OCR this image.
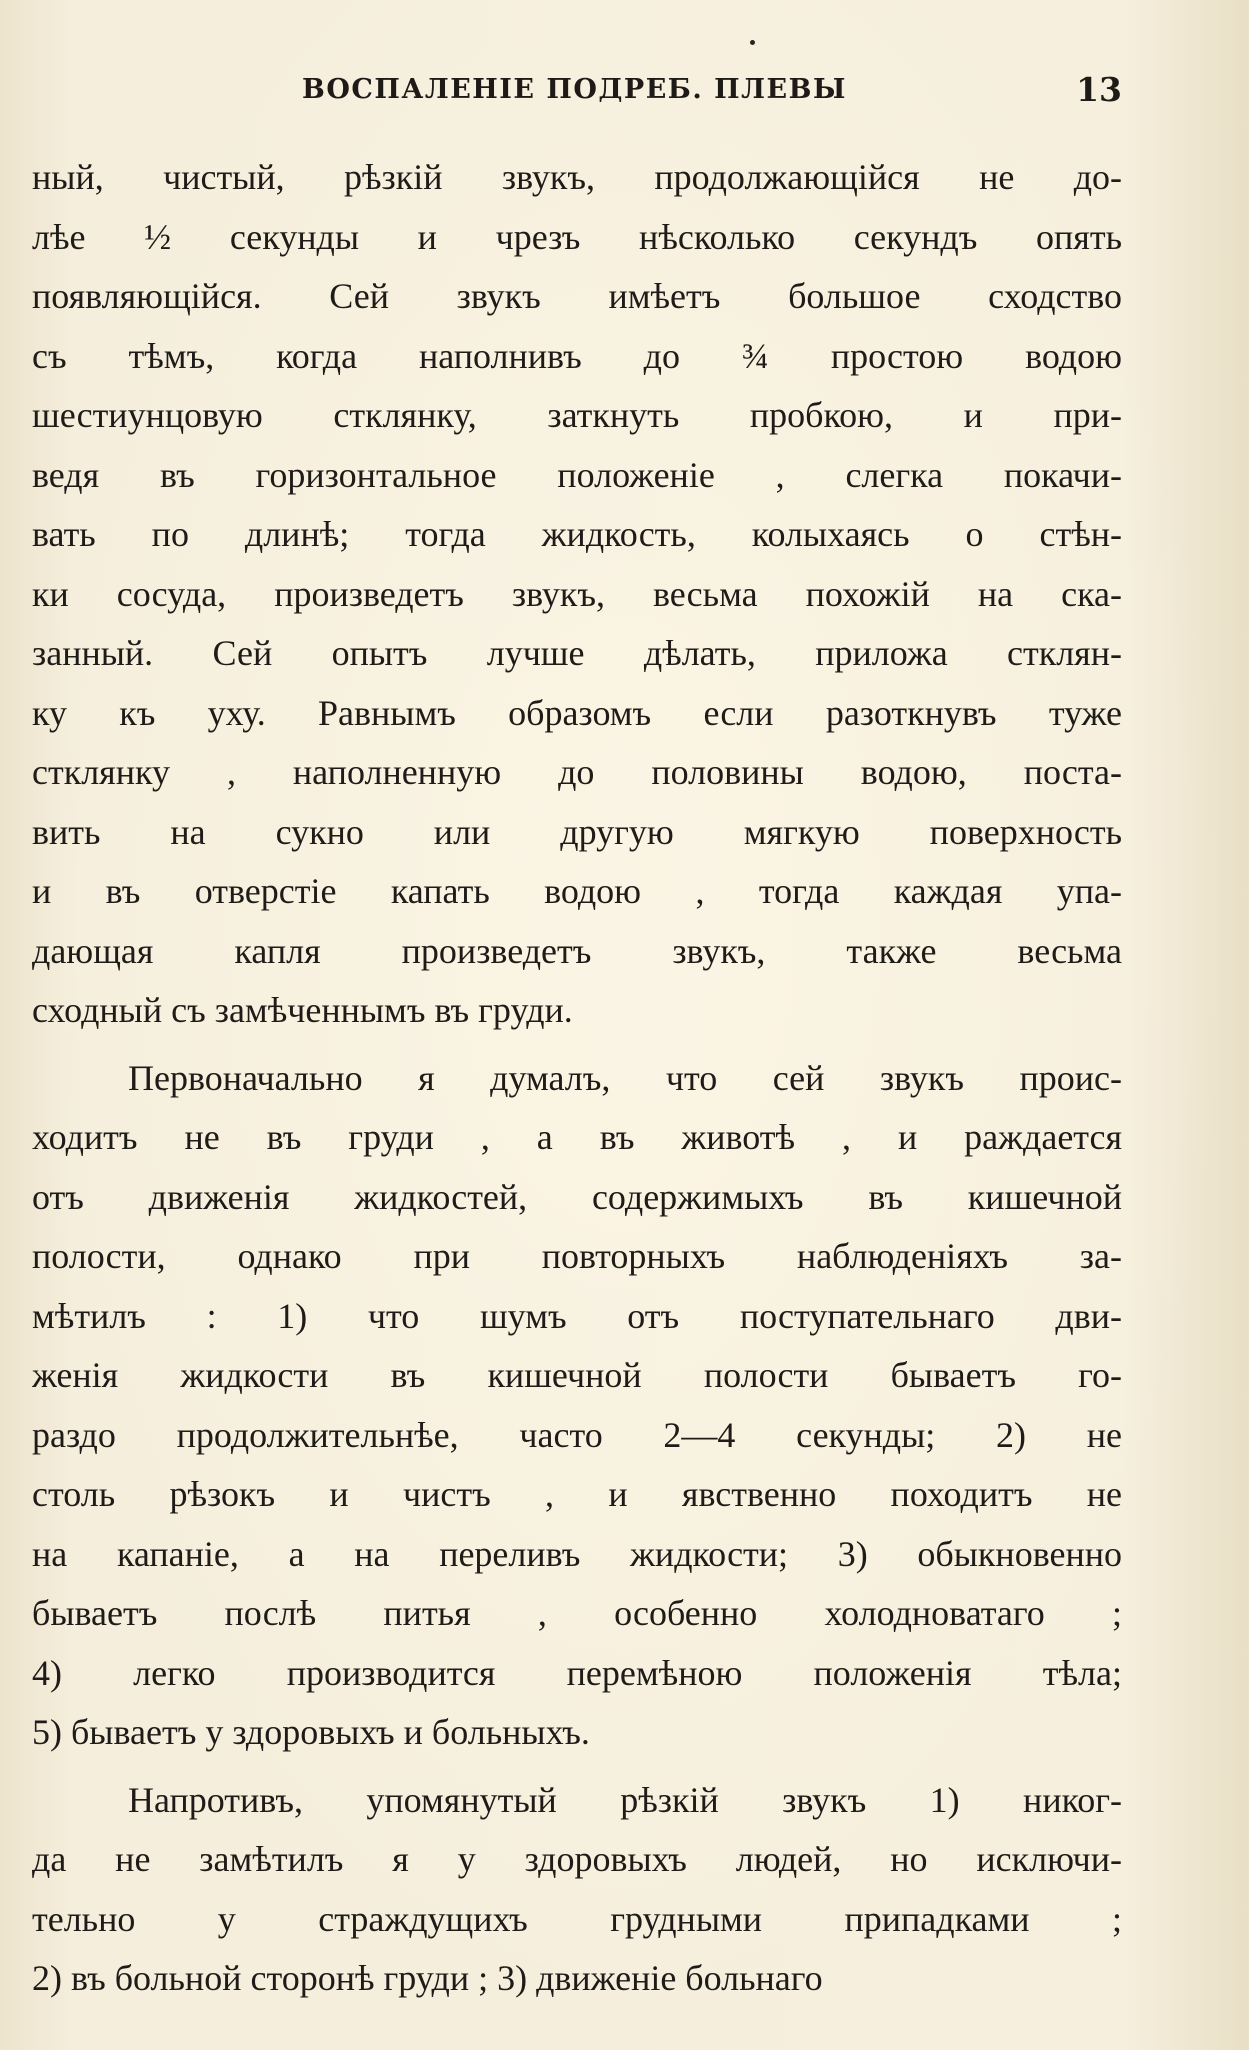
ВОСПАЛЕНІЕ ПОДРЕБ. ПЛЕВЫ	13
ный, чистый, рѣзкій звукъ, продолжающійся не до-
лѣе ½ секунды и чрезъ нѣсколько секундъ опять
появляющійся. Сей звукъ имѣетъ большое сходство
съ тѣмъ, когда наполнивъ до ¾ простою водою
шестиунцовую стклянку, заткнуть пробкою, и при-
ведя въ горизонтальное положеніе , слегка покачи-
вать по длинѣ; тогда жидкость, колыхаясь о стѣн-
ки сосуда, произведетъ звукъ, весьма похожій на ска-
занный. Сей опытъ лучше дѣлать, приложа стклян-
ку къ уху. Равнымъ образомъ если разоткнувъ туже
стклянку , наполненную до половины водою, поста-
вить на сукно или другую мягкую поверхность
и въ отверстіе капать водою , тогда каждая упа-
дающая капля произведетъ звукъ, также весьма
сходный съ замѣченнымъ въ груди.
Первоначально я думалъ, что сей звукъ проис-
ходитъ не въ груди , а въ животѣ , и раждается
отъ движенія жидкостей, содержимыхъ въ кишечной
полости, однако при повторныхъ наблюденіяхъ за-
мѣтилъ : 1) что шумъ отъ поступательнаго дви-
женія жидкости въ кишечной полости бываетъ го-
раздо продолжительнѣе, часто 2—4 секунды; 2) не
столь рѣзокъ и чистъ , и явственно походитъ не
на капаніе, а на переливъ жидкости; 3) обыкновенно
бываетъ послѣ питья , особенно холодноватаго ;
4) легко производится перемѣною положенія тѣла;
5) бываетъ у здоровыхъ и больныхъ.
Напротивъ, упомянутый рѣзкій звукъ 1) никог-
да не замѣтилъ я у здоровыхъ людей, но исключи-
тельно у страждущихъ грудными припадками ;
2) въ больной сторонѣ груди ; 3) движеніе больнаго
